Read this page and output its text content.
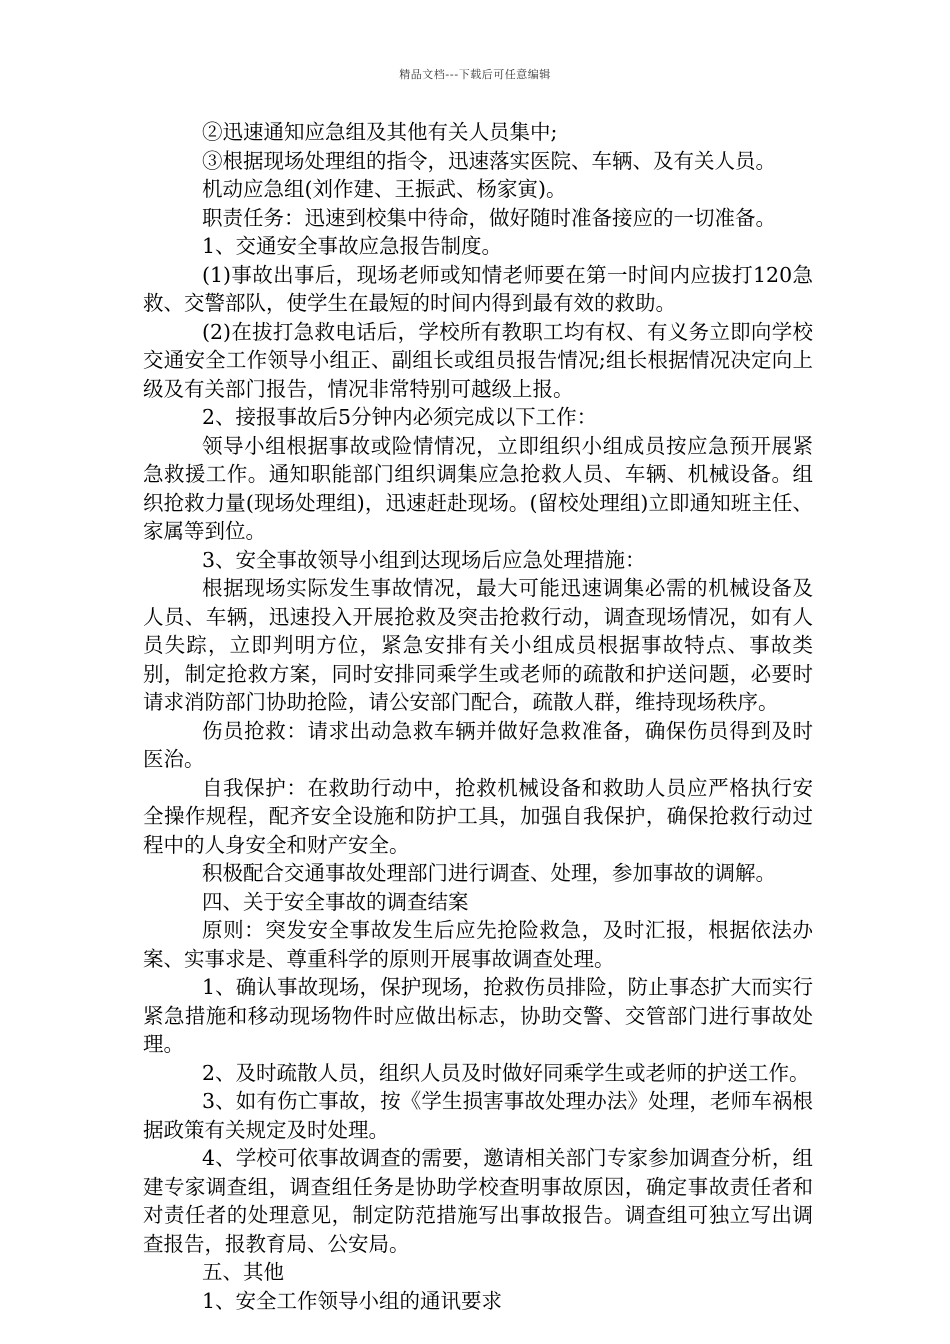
精品文档---下载后可任意编辑

②迅速通知应急组及其他有关人员集中;

③根据现场处理组的指令，迅速落实医院、车辆、及有关人员。

机动应急组(刘作建、王振武、杨家寅)。

职责任务：迅速到校集中待命，做好随时准备接应的一切准备。

1、交通安全事故应急报告制度。

(1)事故出事后，现场老师或知情老师要在第一时间内应拔打120急救、交警部队，使学生在最短的时间内得到最有效的救助。

(2)在拔打急救电话后，学校所有教职工均有权、有义务立即向学校交通安全工作领导小组正、副组长或组员报告情况;组长根据情况决定向上级及有关部门报告，情况非常特别可越级上报。

2、接报事故后5分钟内必须完成以下工作：

领导小组根据事故或险情情况，立即组织小组成员按应急预开展紧急救援工作。通知职能部门组织调集应急抢救人员、车辆、机械设备。组织抢救力量(现场处理组)，迅速赶赴现场。(留校处理组)立即通知班主任、家属等到位。

3、安全事故领导小组到达现场后应急处理措施：

根据现场实际发生事故情况，最大可能迅速调集必需的机械设备及人员、车辆，迅速投入开展抢救及突击抢救行动，调查现场情况，如有人员失踪，立即判明方位，紧急安排有关小组成员根据事故特点、事故类别，制定抢救方案，同时安排同乘学生或老师的疏散和护送问题，必要时请求消防部门协助抢险，请公安部门配合，疏散人群，维持现场秩序。

伤员抢救：请求出动急救车辆并做好急救准备，确保伤员得到及时医治。

自我保护：在救助行动中，抢救机械设备和救助人员应严格执行安全操作规程，配齐安全设施和防护工具，加强自我保护，确保抢救行动过程中的人身安全和财产安全。

积极配合交通事故处理部门进行调查、处理，参加事故的调解。

四、关于安全事故的调查结案

原则：突发安全事故发生后应先抢险救急，及时汇报，根据依法办案、实事求是、尊重科学的原则开展事故调查处理。

1、确认事故现场，保护现场，抢救伤员排险，防止事态扩大而实行紧急措施和移动现场物件时应做出标志，协助交警、交管部门进行事故处理。

2、及时疏散人员，组织人员及时做好同乘学生或老师的护送工作。

3、如有伤亡事故，按《学生损害事故处理办法》处理，老师车祸根据政策有关规定及时处理。

4、学校可依事故调查的需要，邀请相关部门专家参加调查分析，组建专家调查组，调查组任务是协助学校查明事故原因，确定事故责任者和对责任者的处理意见，制定防范措施写出事故报告。调查组可独立写出调查报告，报教育局、公安局。

五、其他

1、安全工作领导小组的通讯要求
